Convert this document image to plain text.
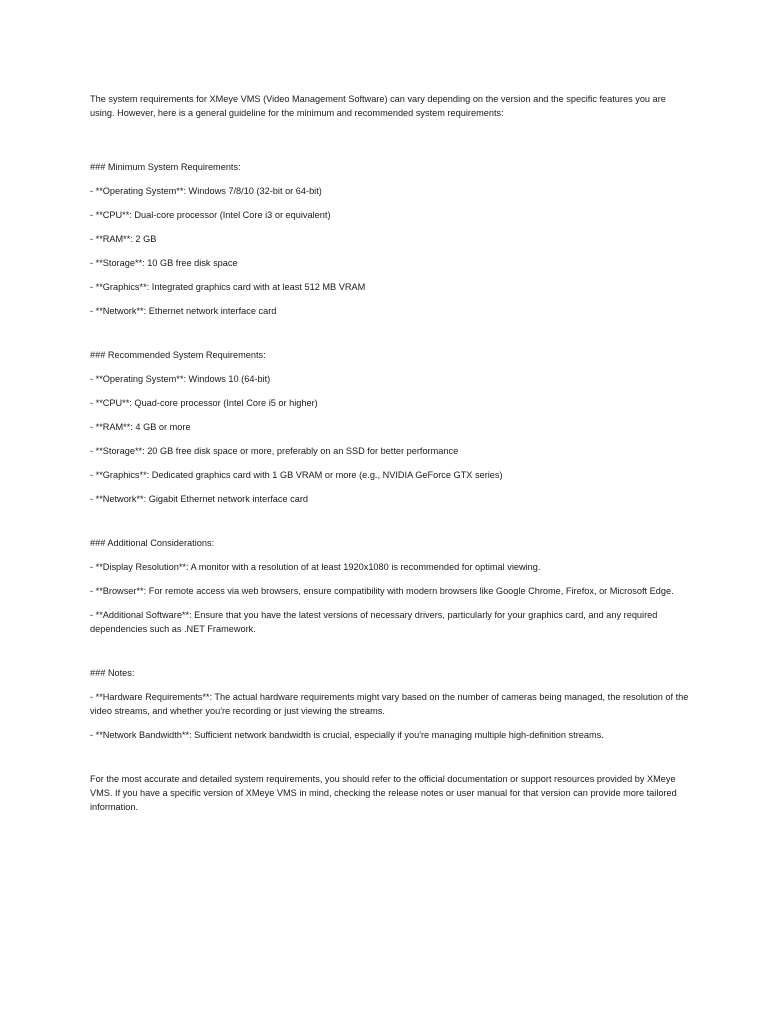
The system requirements for XMeye VMS (Video Management Software) can vary depending on the version and the specific features you are using. However, here is a general guideline for the minimum and recommended system requirements:

### Minimum System Requirements:

- **Operating System**: Windows 7/8/10 (32-bit or 64-bit)

- **CPU**: Dual-core processor (Intel Core i3 or equivalent)

- **RAM**: 2 GB

- **Storage**: 10 GB free disk space

- **Graphics**: Integrated graphics card with at least 512 MB VRAM

- **Network**: Ethernet network interface card

### Recommended System Requirements:

- **Operating System**: Windows 10 (64-bit)

- **CPU**: Quad-core processor (Intel Core i5 or higher)

- **RAM**: 4 GB or more

- **Storage**: 20 GB free disk space or more, preferably on an SSD for better performance

- **Graphics**: Dedicated graphics card with 1 GB VRAM or more (e.g., NVIDIA GeForce GTX series)

- **Network**: Gigabit Ethernet network interface card

### Additional Considerations:

- **Display Resolution**: A monitor with a resolution of at least 1920x1080 is recommended for optimal viewing.

- **Browser**: For remote access via web browsers, ensure compatibility with modern browsers like Google Chrome, Firefox, or Microsoft Edge.

- **Additional Software**: Ensure that you have the latest versions of necessary drivers, particularly for your graphics card, and any required dependencies such as .NET Framework.

### Notes:

- **Hardware Requirements**: The actual hardware requirements might vary based on the number of cameras being managed, the resolution of the video streams, and whether you're recording or just viewing the streams.

- **Network Bandwidth**: Sufficient network bandwidth is crucial, especially if you're managing multiple high-definition streams.

For the most accurate and detailed system requirements, you should refer to the official documentation or support resources provided by XMeye VMS. If you have a specific version of XMeye VMS in mind, checking the release notes or user manual for that version can provide more tailored information.
